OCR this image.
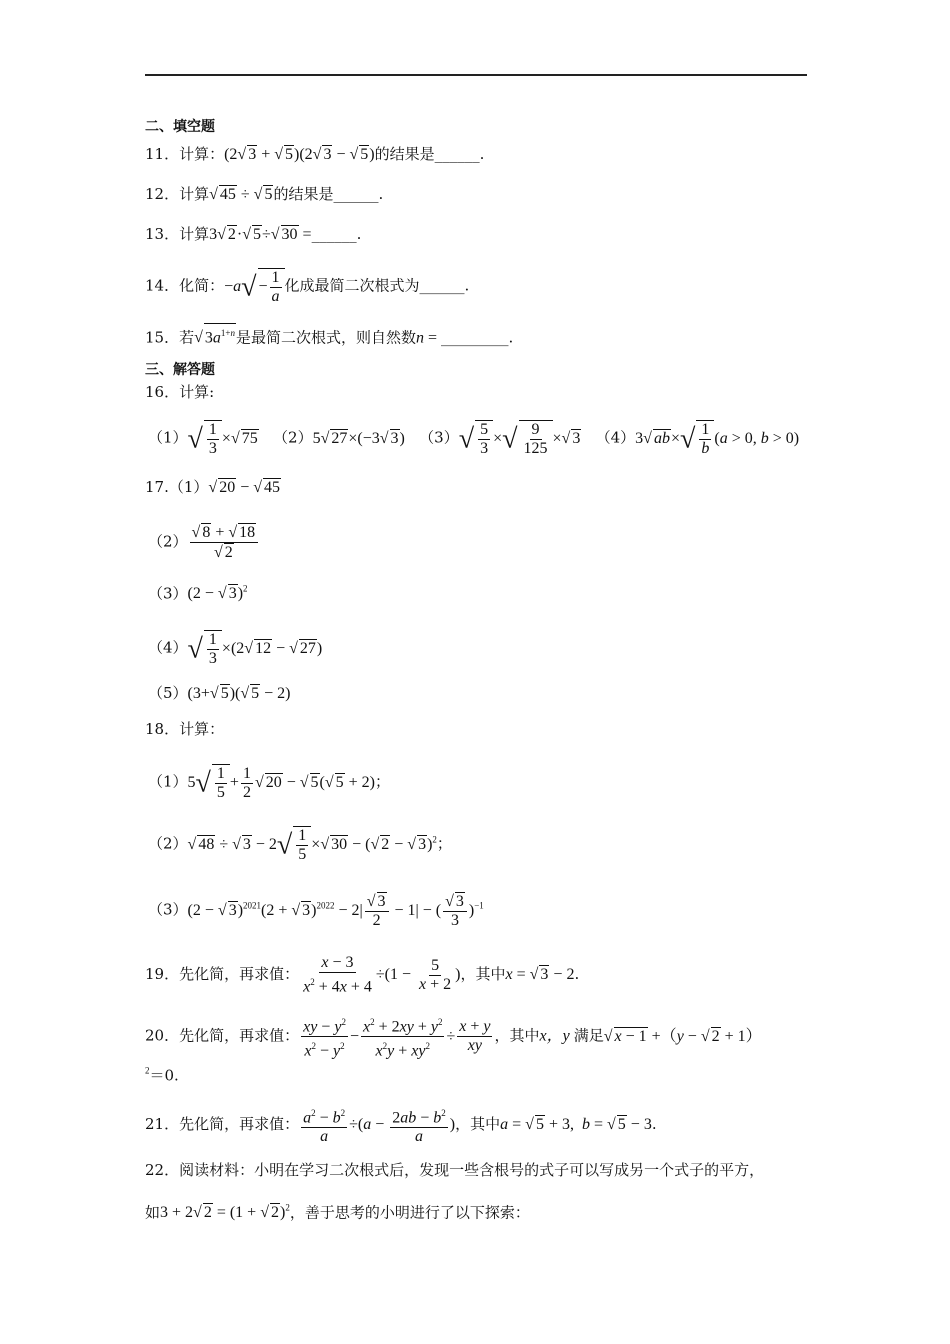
二、填空题
11．计算：(2√ 3 + √ 5)(2√ 3 − √ 5)的结果是______.
12．计算√ 45 ÷ √ 5的结果是______.
13．计算3√ 2·√ 5÷√ 30 =______.
14．化简：$-a√ - \frac{1}{a}$ 化成最简二次根式为______.
15．若√ $3a^{1+n}$是最简二次根式，则自然数n = _________.
三、解答题
16．计算:
$(1)√ \frac{1}{3}$ ×√ 75 （2）5√ 27×(−3√ 3) $(3)√ \frac{5}{3}$ ×√ $\frac{9}{125}$ ×√ 3 （4）3√ $ab\times√ \frac{1}{b} (a > 0$, b > 0)
17.（1）√ 20 − √ 45
$(2) \frac{√ 8 + √ 18}{√ 2}$
（3）(2 − √ 3)$^2$
$(4)√ \frac{1}{3} \times(2√$ 12 − √ 27)
（5）(3+√ 5)(√ 5 − 2)
18．计算：
$(1)5√ \frac{1}{5} + \frac{1}{2}$ √ 20 − √ 5(√ 5 + 2)；
（2）√ 48 ÷ √ $3 - 2√ \frac{1}{5}$ ×√ 30 − (√ 2 − √ 3)$^2$；
（3）(2 − √ 3)$^{2021}$(2 + √ $3)^{2022} - 2| \frac{√ 3}{2} - 1|$ − ( $\frac{√ 3}{3} )^{-1}$
19．先化简，再求值： $\frac{x - 3}{x^2 + 4x + 4} \div(1 - \frac{5}{x + 2}$ )，其中x = √ 3 − 2.
20．先化简，再求值： $\frac{xy - y^2}{x^2 - y^2} - \frac{x^2 + 2xy + y^2}{x^2y + xy^2} \div \frac{x + y}{xy}$ ，其中x，y 满足√ x − 1 +（y − √ 2 + 1）
$^2$＝0.
21．先化简，再求值： $\frac{a^2 - b^2}{a} \div(a - \frac{2ab - b^2}{a}$ )，其中a = √ 5 + 3,  b = √ 5 − 3.
22．阅读材料：小明在学习二次根式后，发现一些含根号的式子可以写成另一个式子的平方，
如3 + 2√ 2 = (1 + √ 2)$^2$，善于思考的小明进行了以下探索：
